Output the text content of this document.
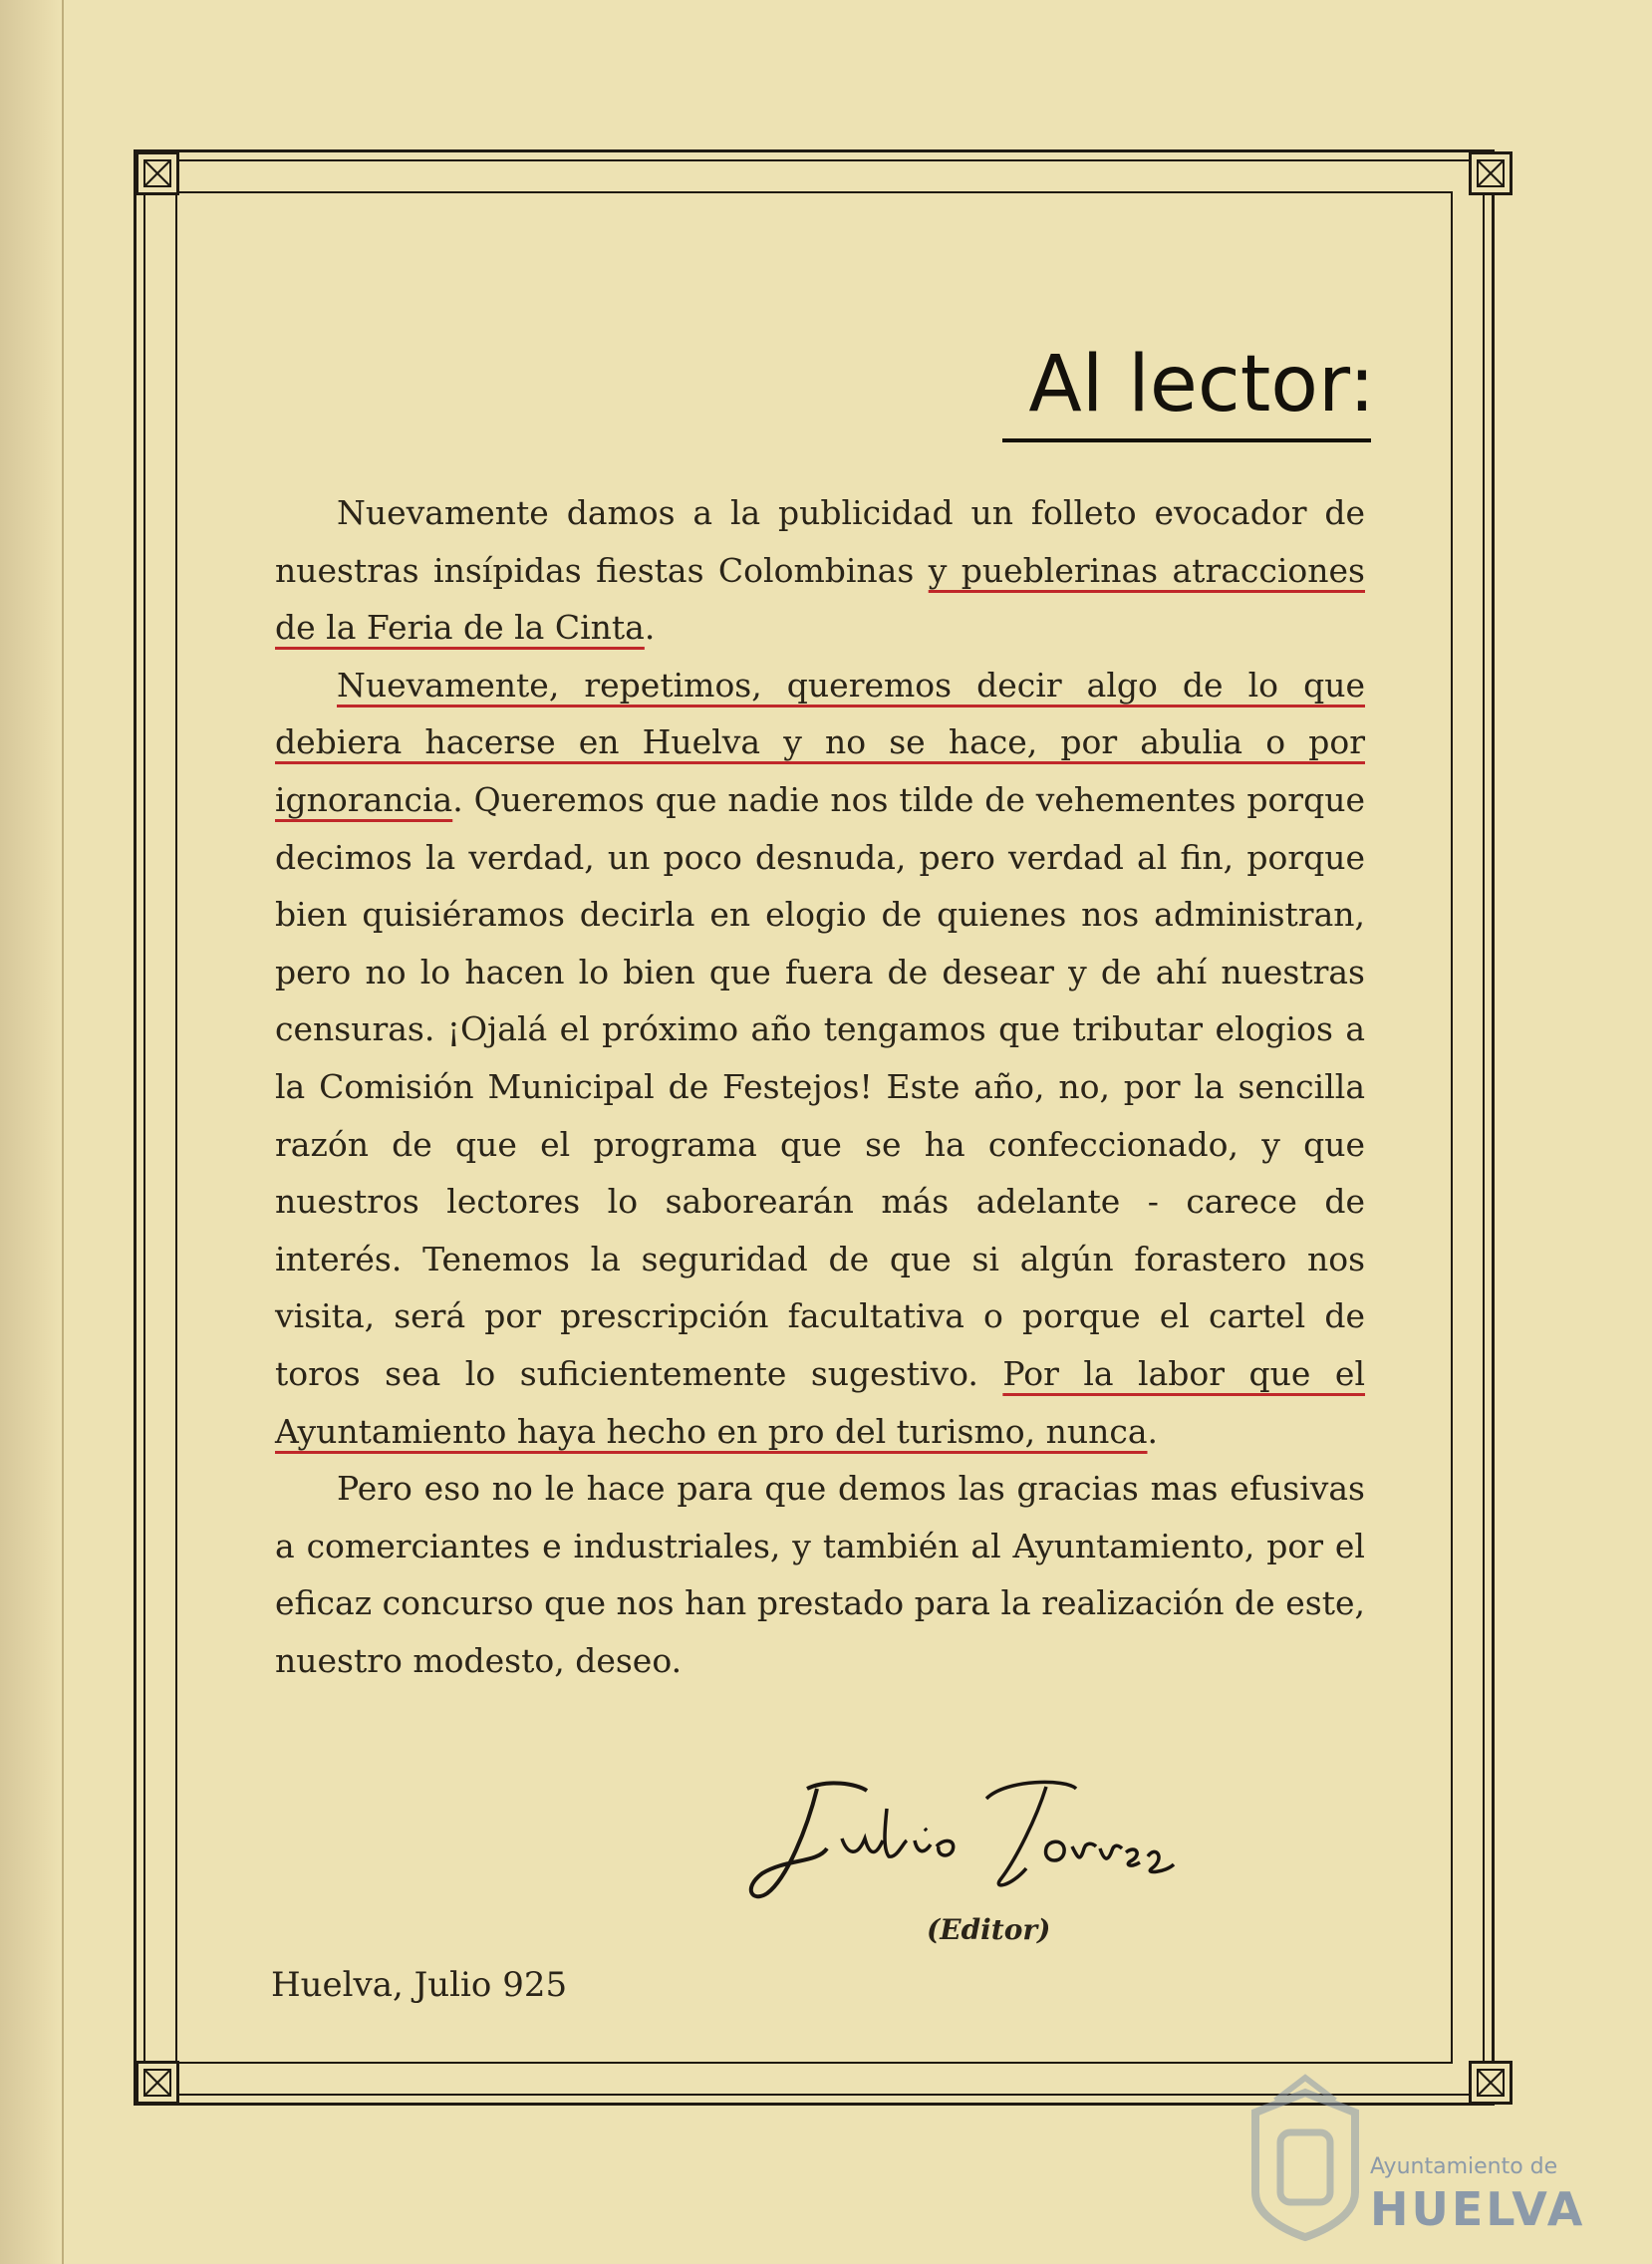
Al lector:

Nuevamente damos a la publicidad un folleto evocador de nuestras insípidas fiestas Colombinas y pueblerinas atracciones de la Feria de la Cinta.

Nuevamente, repetimos, queremos decir algo de lo que debiera hacerse en Huelva y no se hace, por abulia o por ignorancia. Queremos que nadie nos tilde de vehementes porque decimos la verdad, un poco desnuda, pero verdad al fin, porque bien quisiéramos decirla en elogio de quienes nos administran, pero no lo hacen lo bien que fuera de desear y de ahí nuestras censuras. ¡Ojalá el próximo año tengamos que tributar elogios a la Comisión Municipal de Festejos! Este año, no, por la sencilla razón de que el programa que se ha confeccionado, y que nuestros lectores lo saborearán más adelante - carece de interés. Tenemos la seguridad de que si algún forastero nos visita, será por prescripción facultativa o porque el cartel de toros sea lo suficientemente sugestivo. Por la labor que el Ayuntamiento haya hecho en pro del turismo, nunca.

Pero eso no le hace para que demos las gracias mas efusivas a comerciantes e industriales, y también al Ayuntamiento, por el eficaz concurso que nos han prestado para la realización de este, nuestro modesto, deseo.

(Editor)
Huelva, Julio 925
Ayuntamiento de
HUELVA
